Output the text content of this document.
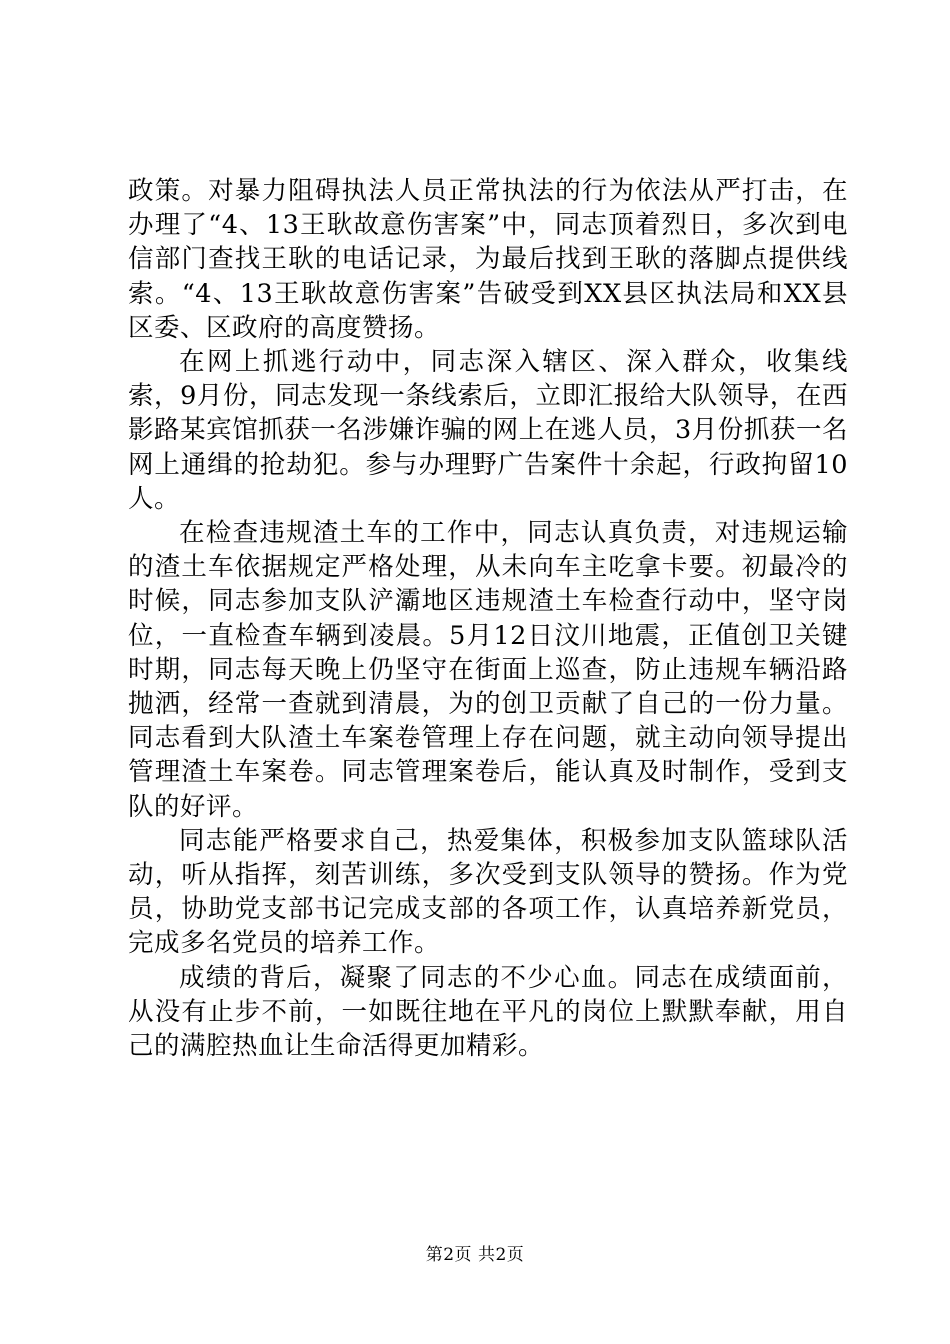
政策。对暴力阻碍执法人员正常执法的行为依法从严打击，在办理了“4、13王耿故意伤害案”中，同志顶着烈日，多次到电信部门查找王耿的电话记录，为最后找到王耿的落脚点提供线索。“4、13王耿故意伤害案”告破受到XX县区执法局和XX县区委、区政府的高度赞扬。

在网上抓逃行动中，同志深入辖区、深入群众，收集线索，9月份，同志发现一条线索后，立即汇报给大队领导，在西影路某宾馆抓获一名涉嫌诈骗的网上在逃人员，3月份抓获一名网上通缉的抢劫犯。参与办理野广告案件十余起，行政拘留10人。

在检查违规渣土车的工作中，同志认真负责，对违规运输的渣土车依据规定严格处理，从未向车主吃拿卡要。初最冷的时候，同志参加支队浐灞地区违规渣土车检查行动中，坚守岗位，一直检查车辆到凌晨。5月12日汶川地震，正值创卫关键时期，同志每天晚上仍坚守在街面上巡查，防止违规车辆沿路抛洒，经常一查就到清晨，为的创卫贡献了自己的一份力量。同志看到大队渣土车案卷管理上存在问题，就主动向领导提出管理渣土车案卷。同志管理案卷后，能认真及时制作，受到支队的好评。

同志能严格要求自己，热爱集体，积极参加支队篮球队活动，听从指挥，刻苦训练，多次受到支队领导的赞扬。作为党员，协助党支部书记完成支部的各项工作，认真培养新党员，完成多名党员的培养工作。

成绩的背后，凝聚了同志的不少心血。同志在成绩面前，从没有止步不前，一如既往地在平凡的岗位上默默奉献，用自己的满腔热血让生命活得更加精彩。

第2页 共2页
